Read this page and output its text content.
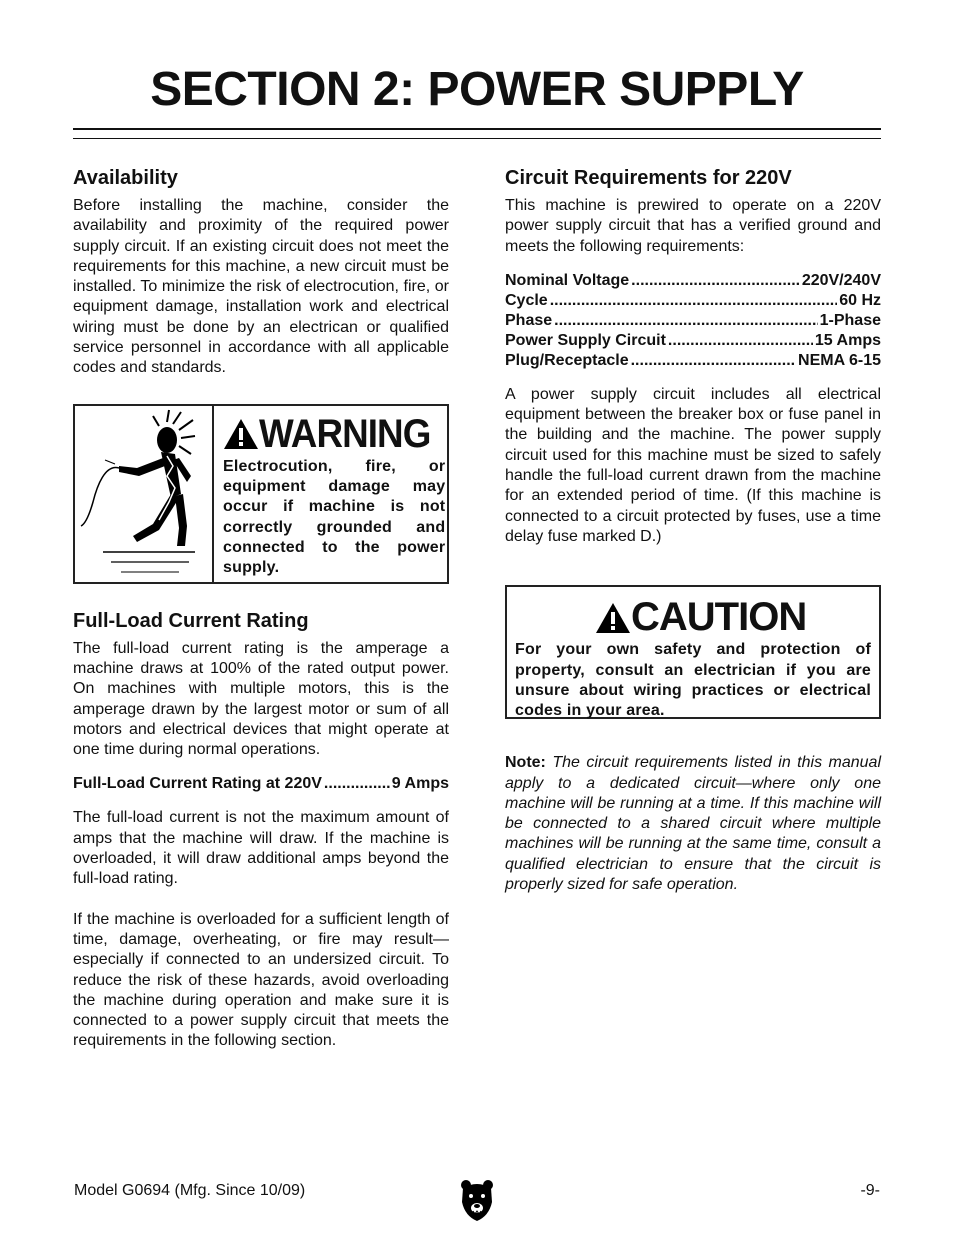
SECTION 2: POWER SUPPLY
Availability

Before installing the machine, consider the availability and proximity of the required power supply circuit. If an existing circuit does not meet the requirements for this machine, a new circuit must be installed. To minimize the risk of electrocution, fire, or equipment damage, installation work and electrical wiring must be done by an electrican or qualified service personnel in accordance with all applicable codes and standards.

WARNING

Electrocution, fire, or equipment damage may occur if machine is not correctly grounded and connected to the power supply.

Full-Load Current Rating

The full-load current rating is the amperage a machine draws at 100% of the rated output power. On machines with multiple motors, this is the amperage drawn by the largest motor or sum of all motors and electrical devices that might operate at one time during normal operations.

Full-Load Current Rating at 220V .....	9 Amps

The full-load current is not the maximum amount of amps that the machine will draw. If the machine is overloaded, it will draw additional amps beyond the full-load rating.

If the machine is overloaded for a sufficient length of time, damage, overheating, or fire may result—especially if connected to an undersized circuit. To reduce the risk of these hazards, avoid overloading the machine during operation and make sure it is connected to a power supply circuit that meets the requirements in the following section.

Circuit Requirements for 220V

This machine is prewired to operate on a 220V power supply circuit that has a verified ground and meets the following requirements:

Nominal Voltage .....	220V/240V
Cycle .....	60 Hz
Phase .....	1-Phase
Power Supply Circuit .....	15 Amps
Plug/Receptacle .....	NEMA 6-15

A power supply circuit includes all electrical equipment between the breaker box or fuse panel in the building and the machine. The power supply circuit used for this machine must be sized to safely handle the full-load current drawn from the machine for an extended period of time. (If this machine is connected to a circuit protected by fuses, use a time delay fuse marked D.)

CAUTION

For your own safety and protection of property, consult an electrician if you are unsure about wiring practices or electrical codes in your area.

Note: The circuit requirements listed in this manual apply to a dedicated circuit—where only one machine will be running at a time. If this machine will be connected to a shared circuit where multiple machines will be running at the same time, consult a qualified electrician to ensure that the circuit is properly sized for safe operation.

Model G0694 (Mfg. Since 10/09)	-9-
